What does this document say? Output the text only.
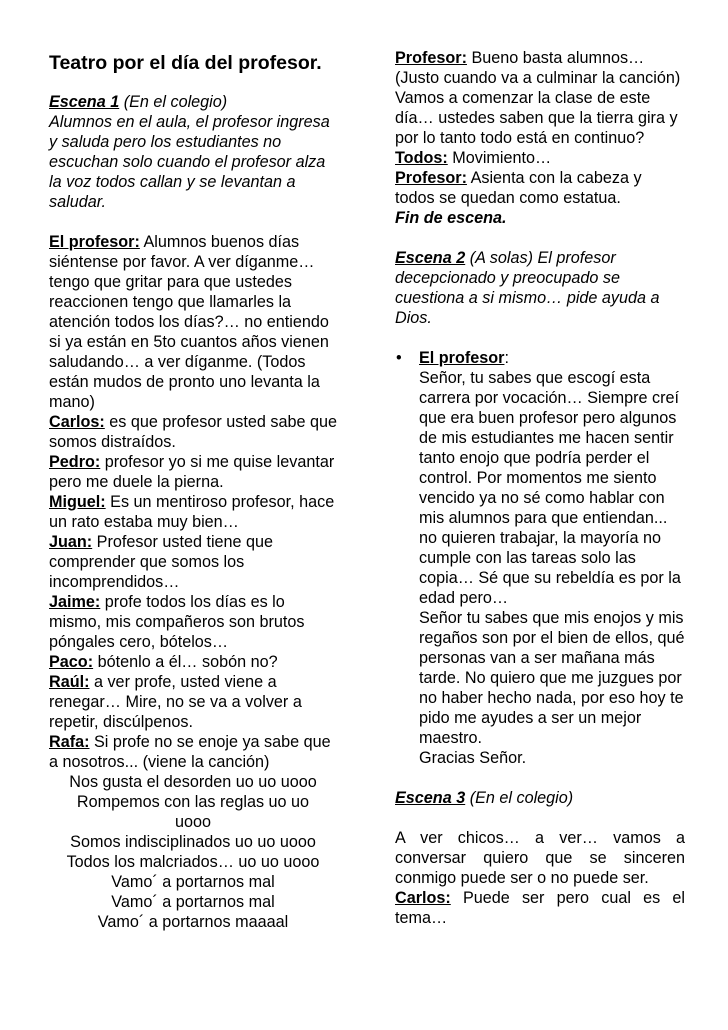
Teatro por el día del profesor.

Escena 1 (En el colegio)

Alumnos en el aula, el profesor ingresa y saluda pero los estudiantes no escuchan solo cuando el profesor alza la voz todos callan y se levantan a saludar.

El profesor: Alumnos buenos días siéntense por favor. A ver díganme… tengo que gritar para que ustedes reaccionen tengo que llamarles la atención todos los días?… no entiendo si ya están en 5to cuantos años vienen saludando… a ver díganme. (Todos están mudos de pronto uno levanta la mano)

Carlos: es que profesor usted sabe que somos distraídos.

Pedro: profesor yo si me quise levantar pero me duele la pierna.

Miguel: Es un mentiroso profesor, hace un rato estaba muy bien…

Juan: Profesor usted tiene que comprender que somos los incomprendidos…

Jaime: profe todos los días es lo mismo, mis compañeros son brutos póngales cero, bótelos…

Paco: bótenlo a él… sobón no?

Raúl: a ver profe, usted viene a renegar… Mire, no se va a volver a repetir, discúlpenos.

Rafa: Si profe no se enoje ya sabe que a nosotros... (viene la canción)

Nos gusta el desorden uo uo uooo

Rompemos con las reglas uo uo uooo

Somos indisciplinados uo uo uooo

Todos los malcriados… uo uo uooo

Vamo´ a portarnos mal

Vamo´ a portarnos mal

Vamo´ a portarnos maaaal

Profesor: Bueno basta alumnos… (Justo cuando va a culminar la canción) Vamos a comenzar la clase de este día… ustedes saben que la tierra gira y por lo tanto todo está en continuo?

Todos: Movimiento…

Profesor: Asienta con la cabeza y todos se quedan como estatua.

Fin de escena.

Escena 2 (A solas) El profesor decepcionado y preocupado se cuestiona a si mismo… pide ayuda a Dios.

• El profesor:

Señor, tu sabes que escogí esta carrera por vocación… Siempre creí que era buen profesor pero algunos de mis estudiantes me hacen sentir tanto enojo que podría perder el control. Por momentos me siento vencido ya no sé como hablar con mis alumnos para que entiendan... no quieren trabajar, la mayoría no cumple con las tareas solo las copia… Sé que su rebeldía es por la edad pero…

Señor tu sabes que mis enojos y mis regaños son por el bien de ellos, qué personas van a ser mañana más tarde. No quiero que me juzgues por no haber hecho nada, por eso hoy te pido me ayudes a ser un mejor maestro.

Gracias Señor.

Escena 3 (En el colegio)

A ver chicos… a ver… vamos a conversar quiero que se sinceren conmigo puede ser o no puede ser.

Carlos: Puede ser pero cual es el tema…
